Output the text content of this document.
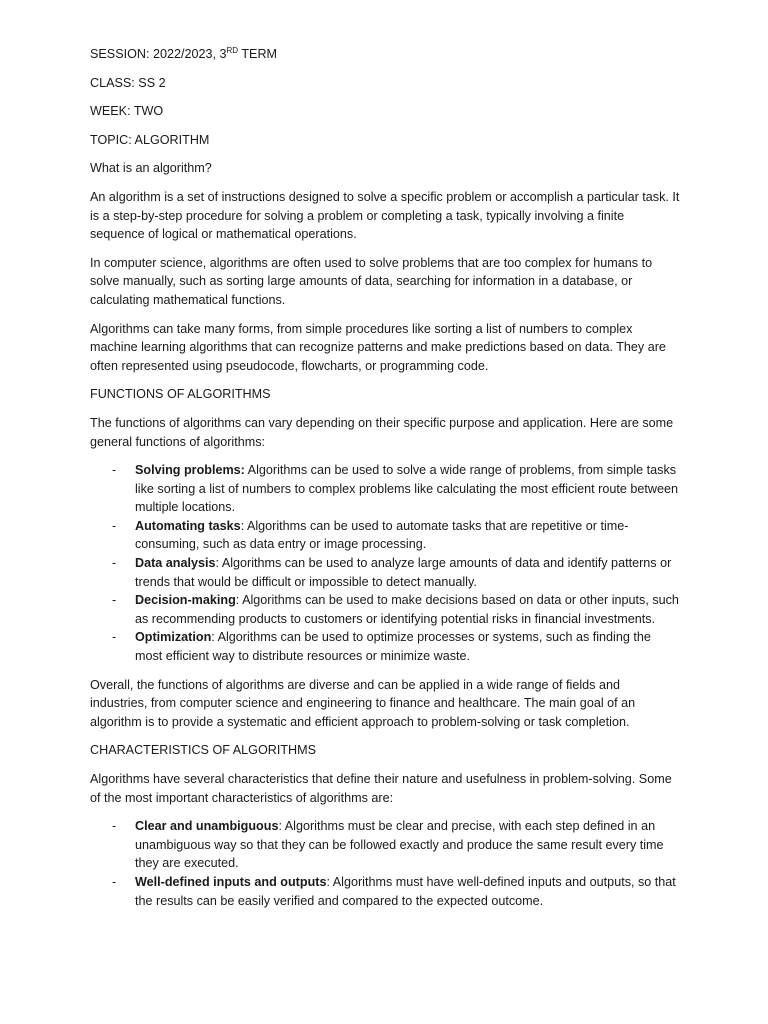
SESSION: 2022/2023, 3RD TERM

CLASS: SS 2

WEEK: TWO

TOPIC: ALGORITHM

What is an algorithm?

An algorithm is a set of instructions designed to solve a specific problem or accomplish a particular task. It is a step-by-step procedure for solving a problem or completing a task, typically involving a finite sequence of logical or mathematical operations.

In computer science, algorithms are often used to solve problems that are too complex for humans to solve manually, such as sorting large amounts of data, searching for information in a database, or calculating mathematical functions.

Algorithms can take many forms, from simple procedures like sorting a list of numbers to complex machine learning algorithms that can recognize patterns and make predictions based on data. They are often represented using pseudocode, flowcharts, or programming code.

FUNCTIONS OF ALGORITHMS

The functions of algorithms can vary depending on their specific purpose and application. Here are some general functions of algorithms:

- Solving problems: Algorithms can be used to solve a wide range of problems, from simple tasks like sorting a list of numbers to complex problems like calculating the most efficient route between multiple locations.
- Automating tasks: Algorithms can be used to automate tasks that are repetitive or time-consuming, such as data entry or image processing.
- Data analysis: Algorithms can be used to analyze large amounts of data and identify patterns or trends that would be difficult or impossible to detect manually.
- Decision-making: Algorithms can be used to make decisions based on data or other inputs, such as recommending products to customers or identifying potential risks in financial investments.
- Optimization: Algorithms can be used to optimize processes or systems, such as finding the most efficient way to distribute resources or minimize waste.

Overall, the functions of algorithms are diverse and can be applied in a wide range of fields and industries, from computer science and engineering to finance and healthcare. The main goal of an algorithm is to provide a systematic and efficient approach to problem-solving or task completion.

CHARACTERISTICS OF ALGORITHMS

Algorithms have several characteristics that define their nature and usefulness in problem-solving. Some of the most important characteristics of algorithms are:

- Clear and unambiguous: Algorithms must be clear and precise, with each step defined in an unambiguous way so that they can be followed exactly and produce the same result every time they are executed.
- Well-defined inputs and outputs: Algorithms must have well-defined inputs and outputs, so that the results can be easily verified and compared to the expected outcome.
